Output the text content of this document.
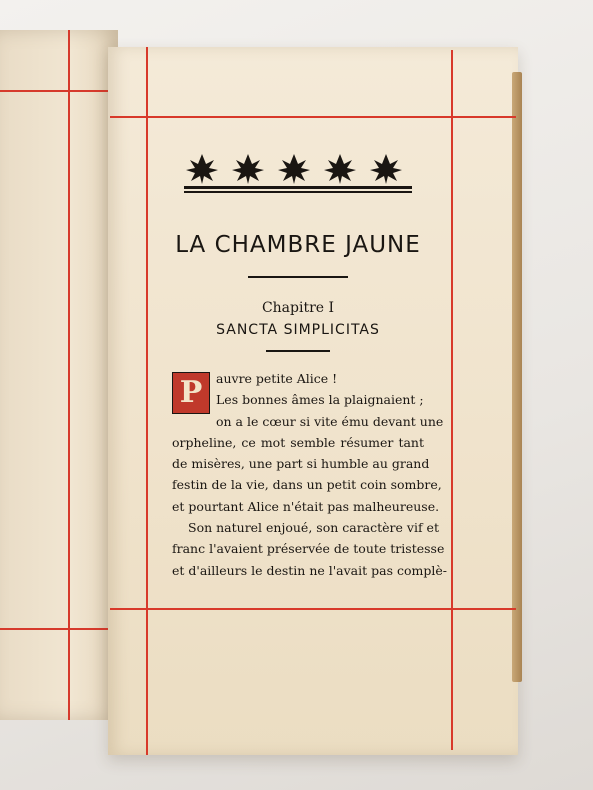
LA CHAMBRE JAUNE
Chapitre I
SANCTA SIMPLICITAS
P	auvre petite Alice !
Les bonnes âmes la plaignaient ;
on a le cœur si vite ému devant une
orpheline, ce mot semble résumer tant
de misères, une part si humble au grand
festin de la vie, dans un petit coin sombre,
et pourtant Alice n'était pas malheureuse.
Son naturel enjoué, son caractère vif et
franc l'avaient préservée de toute tristesse
et d'ailleurs le destin ne l'avait pas complè-
